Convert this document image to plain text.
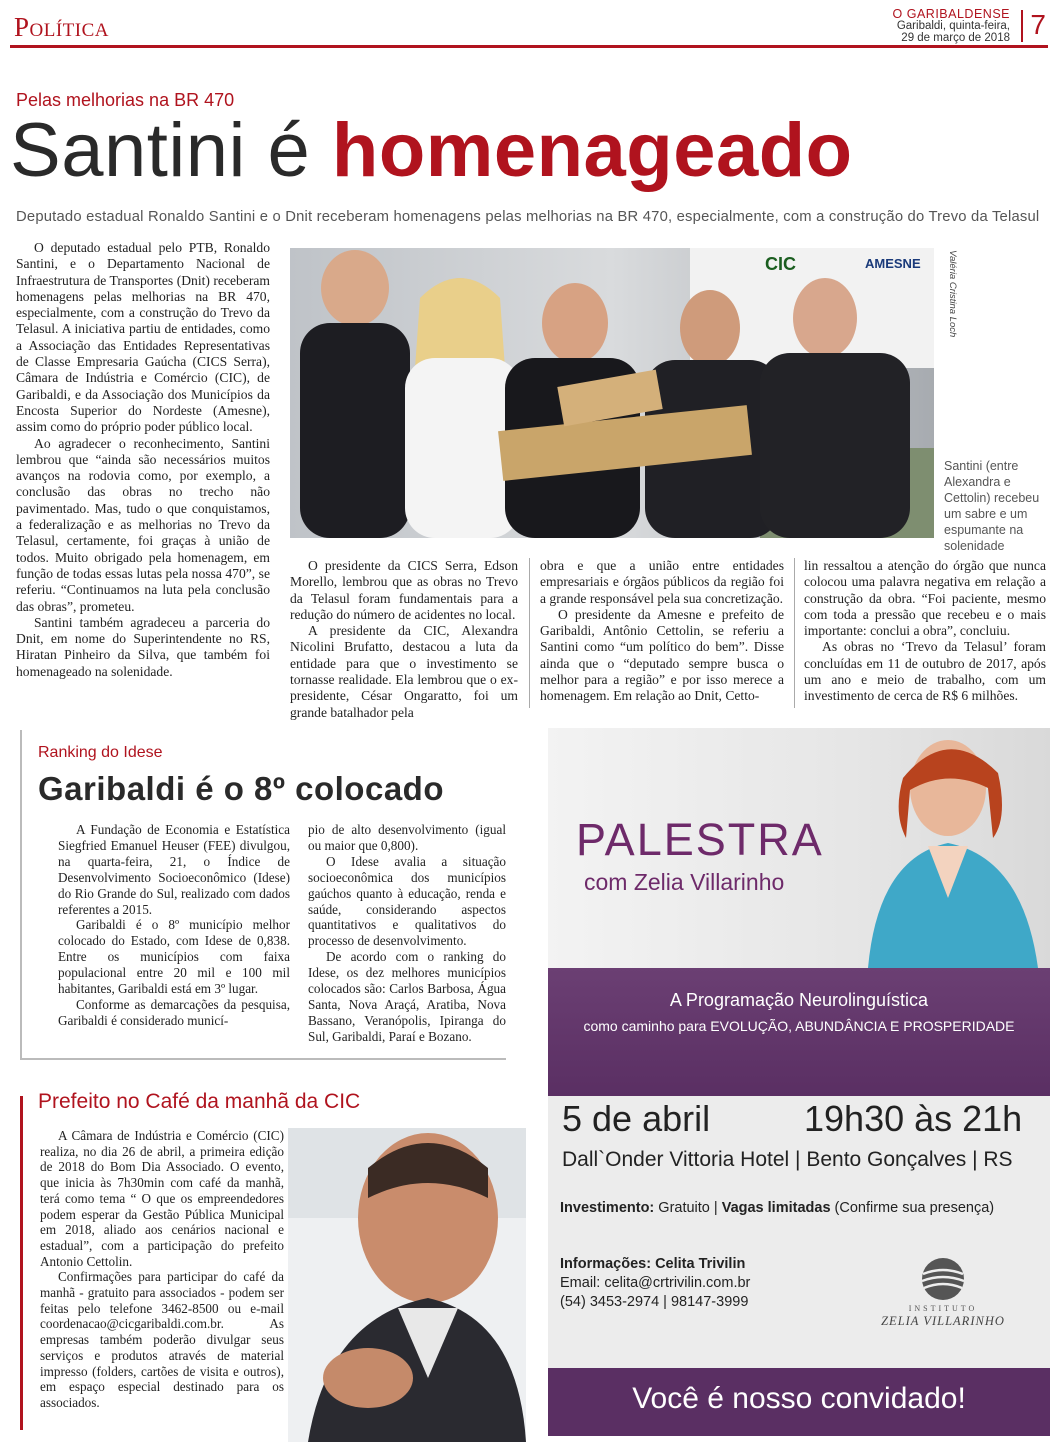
Política	O GARIBALDENSE
Garibaldi, quinta-feira,
29 de março de 2018 7
Pelas melhorias na BR 470
Santini é homenageado
Deputado estadual Ronaldo Santini e o Dnit receberam homenagens pelas melhorias na BR 470, especialmente, com a construção do Trevo da Telasul

O deputado estadual pelo PTB, Ronaldo Santini, e o Departamento Nacional de Infraestrutura de Transportes (Dnit) receberam homenagens pelas melhorias na BR 470, especialmente, com a construção do Trevo da Telasul. A iniciativa partiu de entidades, como a Associação das Entidades Representativas de Classe Empresaria Gaúcha (CICS Serra), Câmara de Indústria e Comércio (CIC), de Garibaldi, e da Associação dos Municípios da Encosta Superior do Nordeste (Amesne), assim como do próprio poder público local.

Ao agradecer o reconhecimento, Santini lembrou que “ainda são necessários muitos avanços na rodovia como, por exemplo, a conclusão das obras no trecho não pavimentado. Mas, tudo o que conquistamos, a federalização e as melhorias no Trevo da Telasul, certamente, foi graças à união de todos. Muito obrigado pela homenagem, em função de todas essas lutas pela nossa 470”, se referiu. “Continuamos na luta pela conclusão das obras”, prometeu.

Santini também agradeceu a parceria do Dnit, em nome do Superintendente no RS, Hiratan Pinheiro da Silva, que também foi homenageado na solenidade.

CIC	AMESNE	Valéria Cristina Loch
Santini (entre Alexandra e Cettolin) recebeu um sabre e um espumante na solenidade

O presidente da CICS Serra, Edson Morello, lembrou que as obras no Trevo da Telasul foram fundamentais para a redução do número de acidentes no local.

A presidente da CIC, Alexandra Nicolini Brufatto, destacou a luta da entidade para que o investimento se tornasse realidade. Ela lembrou que o ex-presidente, César Ongaratto, foi um grande batalhador pela

obra e que a união entre entidades empresariais e órgãos públicos da região foi a grande responsável pela sua concretização.

O presidente da Amesne e prefeito de Garibaldi, Antônio Cettolin, se referiu a Santini como “um político do bem”. Disse ainda que o “deputado sempre busca o melhor para a região” e por isso merece a homenagem. Em relação ao Dnit, Cetto-

lin ressaltou a atenção do órgão que nunca colocou uma palavra negativa em relação a construção da obra. “Foi paciente, mesmo com toda a pressão que recebeu e o mais importante: conclui a obra”, concluiu.

As obras no ‘Trevo da Telasul’ foram concluídas em 11 de outubro de 2017, após um ano e meio de trabalho, com um investimento de cerca de R$ 6 milhões.

Ranking do Idese
Garibaldi é o 8º colocado

A Fundação de Economia e Estatística Siegfried Emanuel Heuser (FEE) divulgou, na quarta-feira, 21, o Índice de Desenvolvimento Socioeconômico (Idese) do Rio Grande do Sul, realizado com dados referentes a 2015.

Garibaldi é o 8º município melhor colocado do Estado, com Idese de 0,838. Entre os municípios com faixa populacional entre 20 mil e 100 mil habitantes, Garibaldi está em 3º lugar.

Conforme as demarcações da pesquisa, Garibaldi é considerado municí-

pio de alto desenvolvimento (igual ou maior que 0,800).

O Idese avalia a situação socioeconômica dos municípios gaúchos quanto à educação, renda e saúde, considerando aspectos quantitativos e qualitativos do processo de desenvolvimento.

De acordo com o ranking do Idese, os dez melhores municípios colocados são: Carlos Barbosa, Água Santa, Nova Araçá, Aratiba, Nova Bassano, Veranópolis, Ipiranga do Sul, Garibaldi, Paraí e Bozano.

Prefeito no Café da manhã da CIC

A Câmara de Indústria e Comércio (CIC) realiza, no dia 26 de abril, a primeira edição de 2018 do Bom Dia Associado. O evento, que inicia às 7h30min com café da manhã, terá como tema “ O que os empreendedores podem esperar da Gestão Pública Municipal em 2018, aliado aos cenários nacional e estadual”, com a participação do prefeito Antonio Cettolin.

Confirmações para participar do café da manhã - gratuito para associados - podem ser feitas pelo telefone 3462-8500 ou e-mail coordenacao@cicgaribaldi.com.br. As empresas também poderão divulgar seus serviços e produtos através de material impresso (folders, cartões de visita e outros), em espaço especial destinado para os associados.

PALESTRA
com Zelia Villarinho
A Programação Neurolinguística
como caminho para EVOLUÇÃO, ABUNDÂNCIA E PROSPERIDADE
5 de abril	19h30 às 21h
Dall`Onder Vittoria Hotel | Bento Gonçalves | RS
Investimento: Gratuito | Vagas limitadas (Confirme sua presença)
Informações: Celita Trivilin
Email: celita@crtrivilin.com.br
(54) 3453-2974 | 98147-3999	INSTITUTO
ZELIA VILLARINHO
Você é nosso convidado!
